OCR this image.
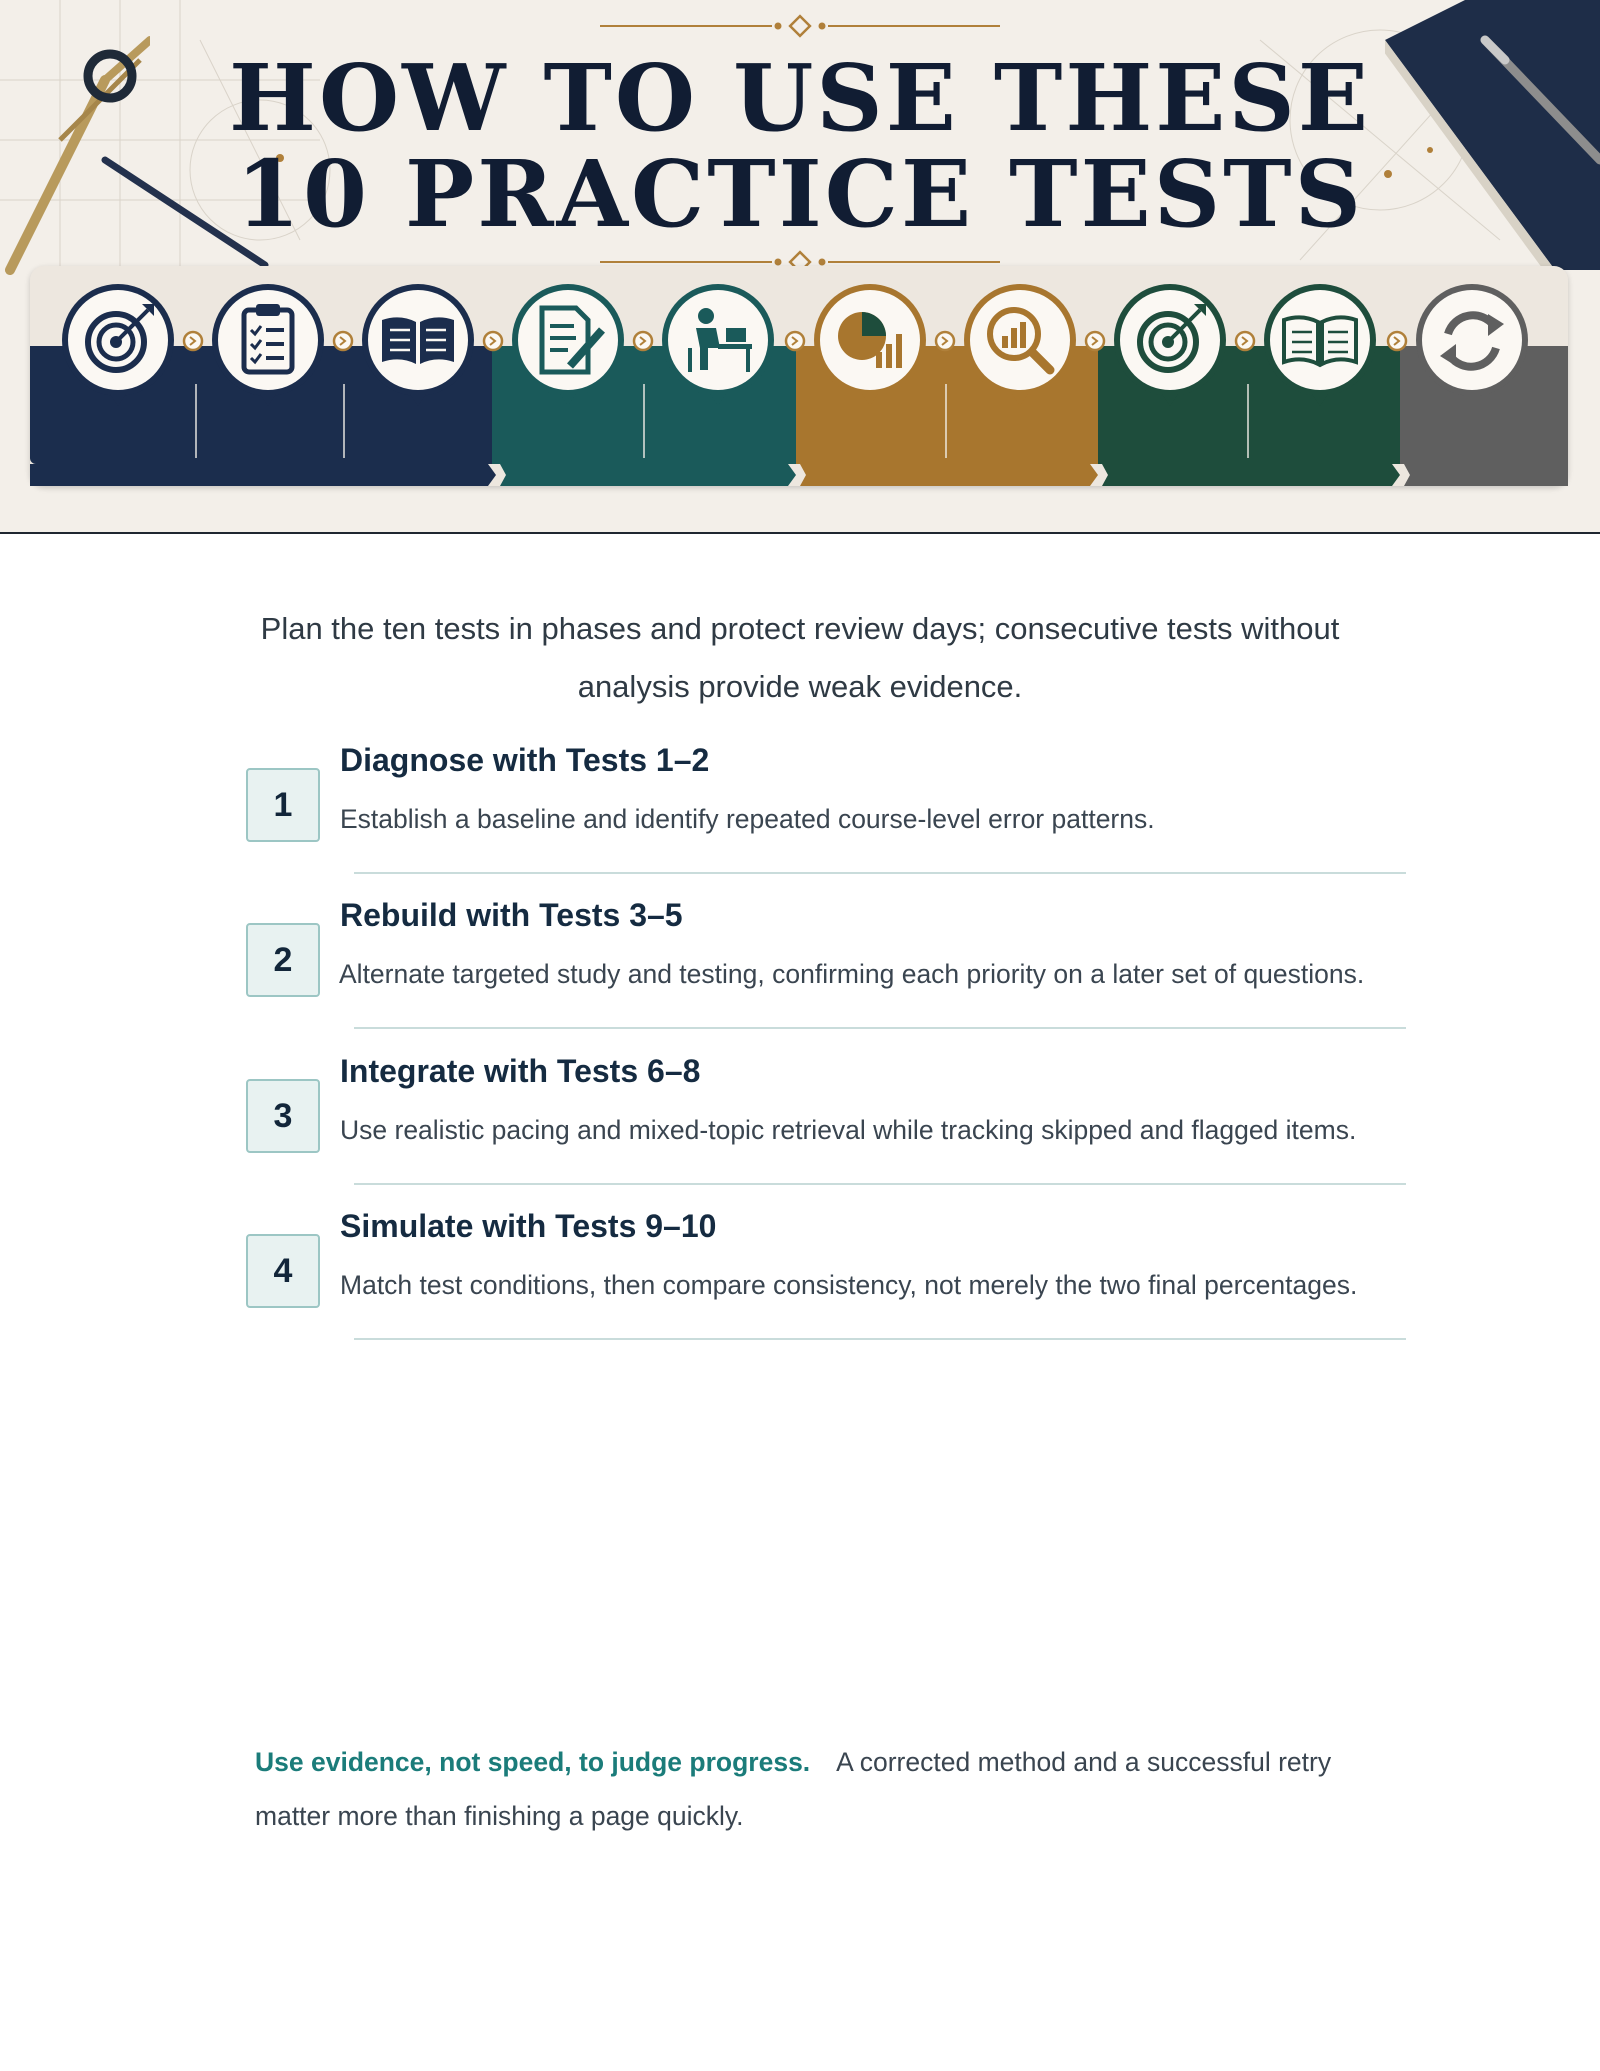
HOW TO USE THESE
10 PRACTICE TESTS
Plan the ten tests in phases and protect review days; consecutive tests without analysis provide weak evidence.
1
Diagnose with Tests 1–2
Establish a baseline and identify repeated course-level error patterns.
2
Rebuild with Tests 3–5
Alternate targeted study and testing, confirming each priority on a later set of questions.
3
Integrate with Tests 6–8
Use realistic pacing and mixed-topic retrieval while tracking skipped and flagged items.
4
Simulate with Tests 9–10
Match test conditions, then compare consistency, not merely the two final percentages.
Use evidence, not speed, to judge progress. A corrected method and a successful retry matter more than finishing a page quickly.
